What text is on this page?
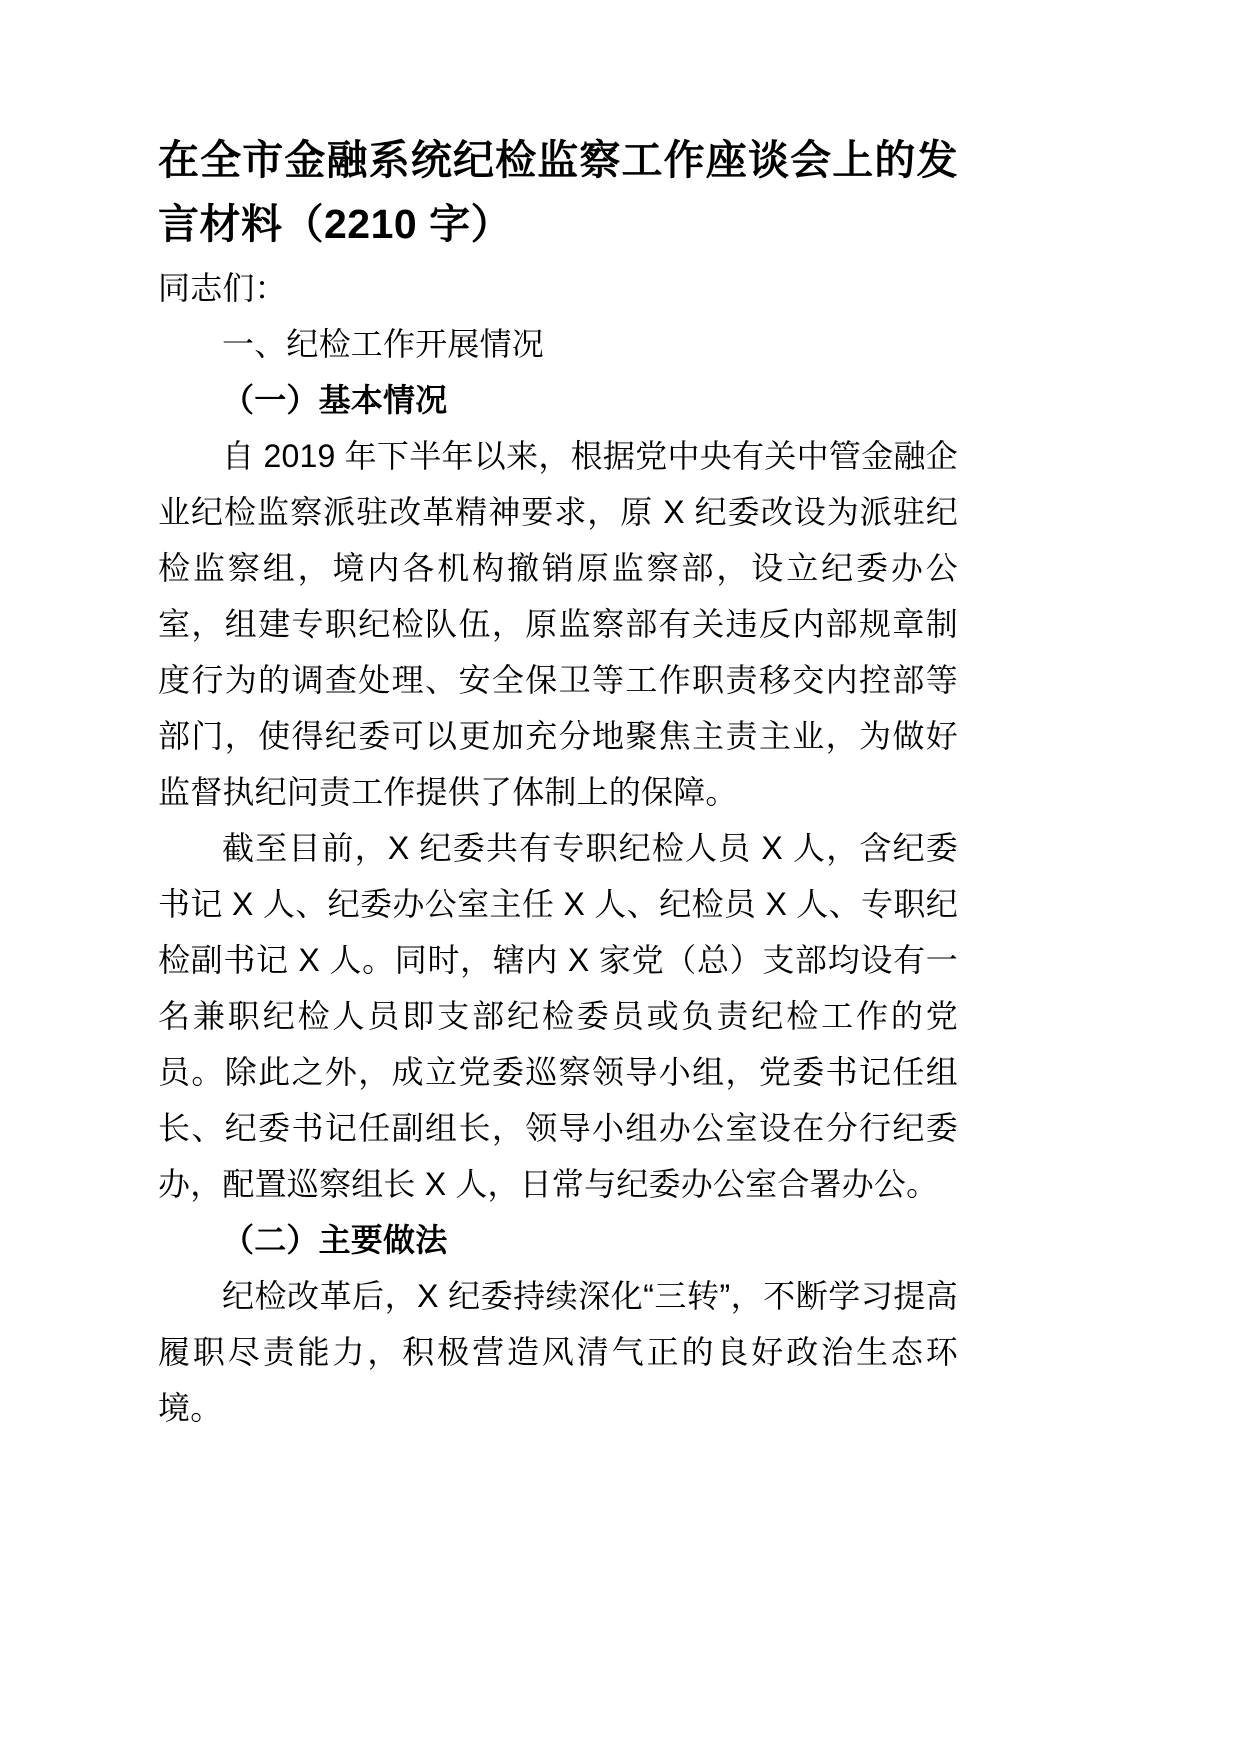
在全市金融系统纪检监察工作座谈会上的发言材料（2210 字）

同志们：

一、纪检工作开展情况

（一）基本情况

自 2019 年下半年以来，根据党中央有关中管金融企业纪检监察派驻改革精神要求，原 X 纪委改设为派驻纪检监察组，境内各机构撤销原监察部，设立纪委办公室，组建专职纪检队伍，原监察部有关违反内部规章制度行为的调查处理、安全保卫等工作职责移交内控部等部门，使得纪委可以更加充分地聚焦主责主业，为做好监督执纪问责工作提供了体制上的保障。

截至目前，X 纪委共有专职纪检人员 X 人，含纪委书记 X 人、纪委办公室主任 X 人、纪检员 X 人、专职纪检副书记 X 人。同时，辖内 X 家党（总）支部均设有一名兼职纪检人员即支部纪检委员或负责纪检工作的党员。除此之外，成立党委巡察领导小组，党委书记任组长、纪委书记任副组长，领导小组办公室设在分行纪委办，配置巡察组长 X 人，日常与纪委办公室合署办公。

（二）主要做法

纪检改革后，X 纪委持续深化“三转”，不断学习提高履职尽责能力，积极营造风清气正的良好政治生态环境。
